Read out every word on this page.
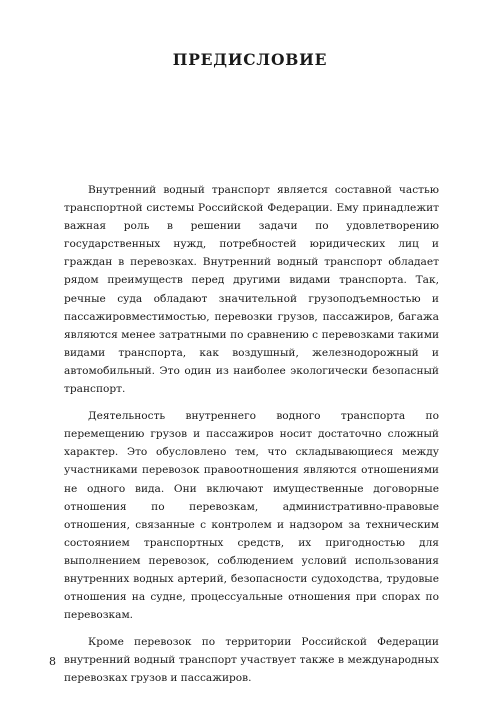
ПРЕДИСЛОВИЕ

Внутренний водный транспорт является составной частью транспортной системы Российской Федерации. Ему принадлежит важная роль в решении задачи по удовлетворению государственных нужд, потребностей юридических лиц и граждан в перевозках. Внутренний водный транспорт обладает рядом преимуществ перед другими видами транспорта. Так, речные суда обладают значительной грузоподъемностью и пассажировместимостью, перевозки грузов, пассажиров, багажа являются менее затратными по сравнению с перевозками такими видами транспорта, как воздушный, железнодорожный и автомобильный. Это один из наиболее экологически безопасный транспорт.

Деятельность внутреннего водного транспорта по перемещению грузов и пассажиров носит достаточно сложный характер. Это обусловлено тем, что складывающиеся между участниками перевозок правоотношения являются отношениями не одного вида. Они включают имущественные договорные отношения по перевозкам, административно-правовые отношения, связанные с контролем и надзором за техническим состоянием транспортных средств, их пригодностью для выполнением перевозок, соблюдением условий использования внутренних водных артерий, безопасности судоходства, трудовые отношения на судне, процессуальные отношения при спорах по перевозкам.

Кроме перевозок по территории Российской Федерации внутренний водный транспорт участвует также в международных перевозках грузов и пассажиров.

8
